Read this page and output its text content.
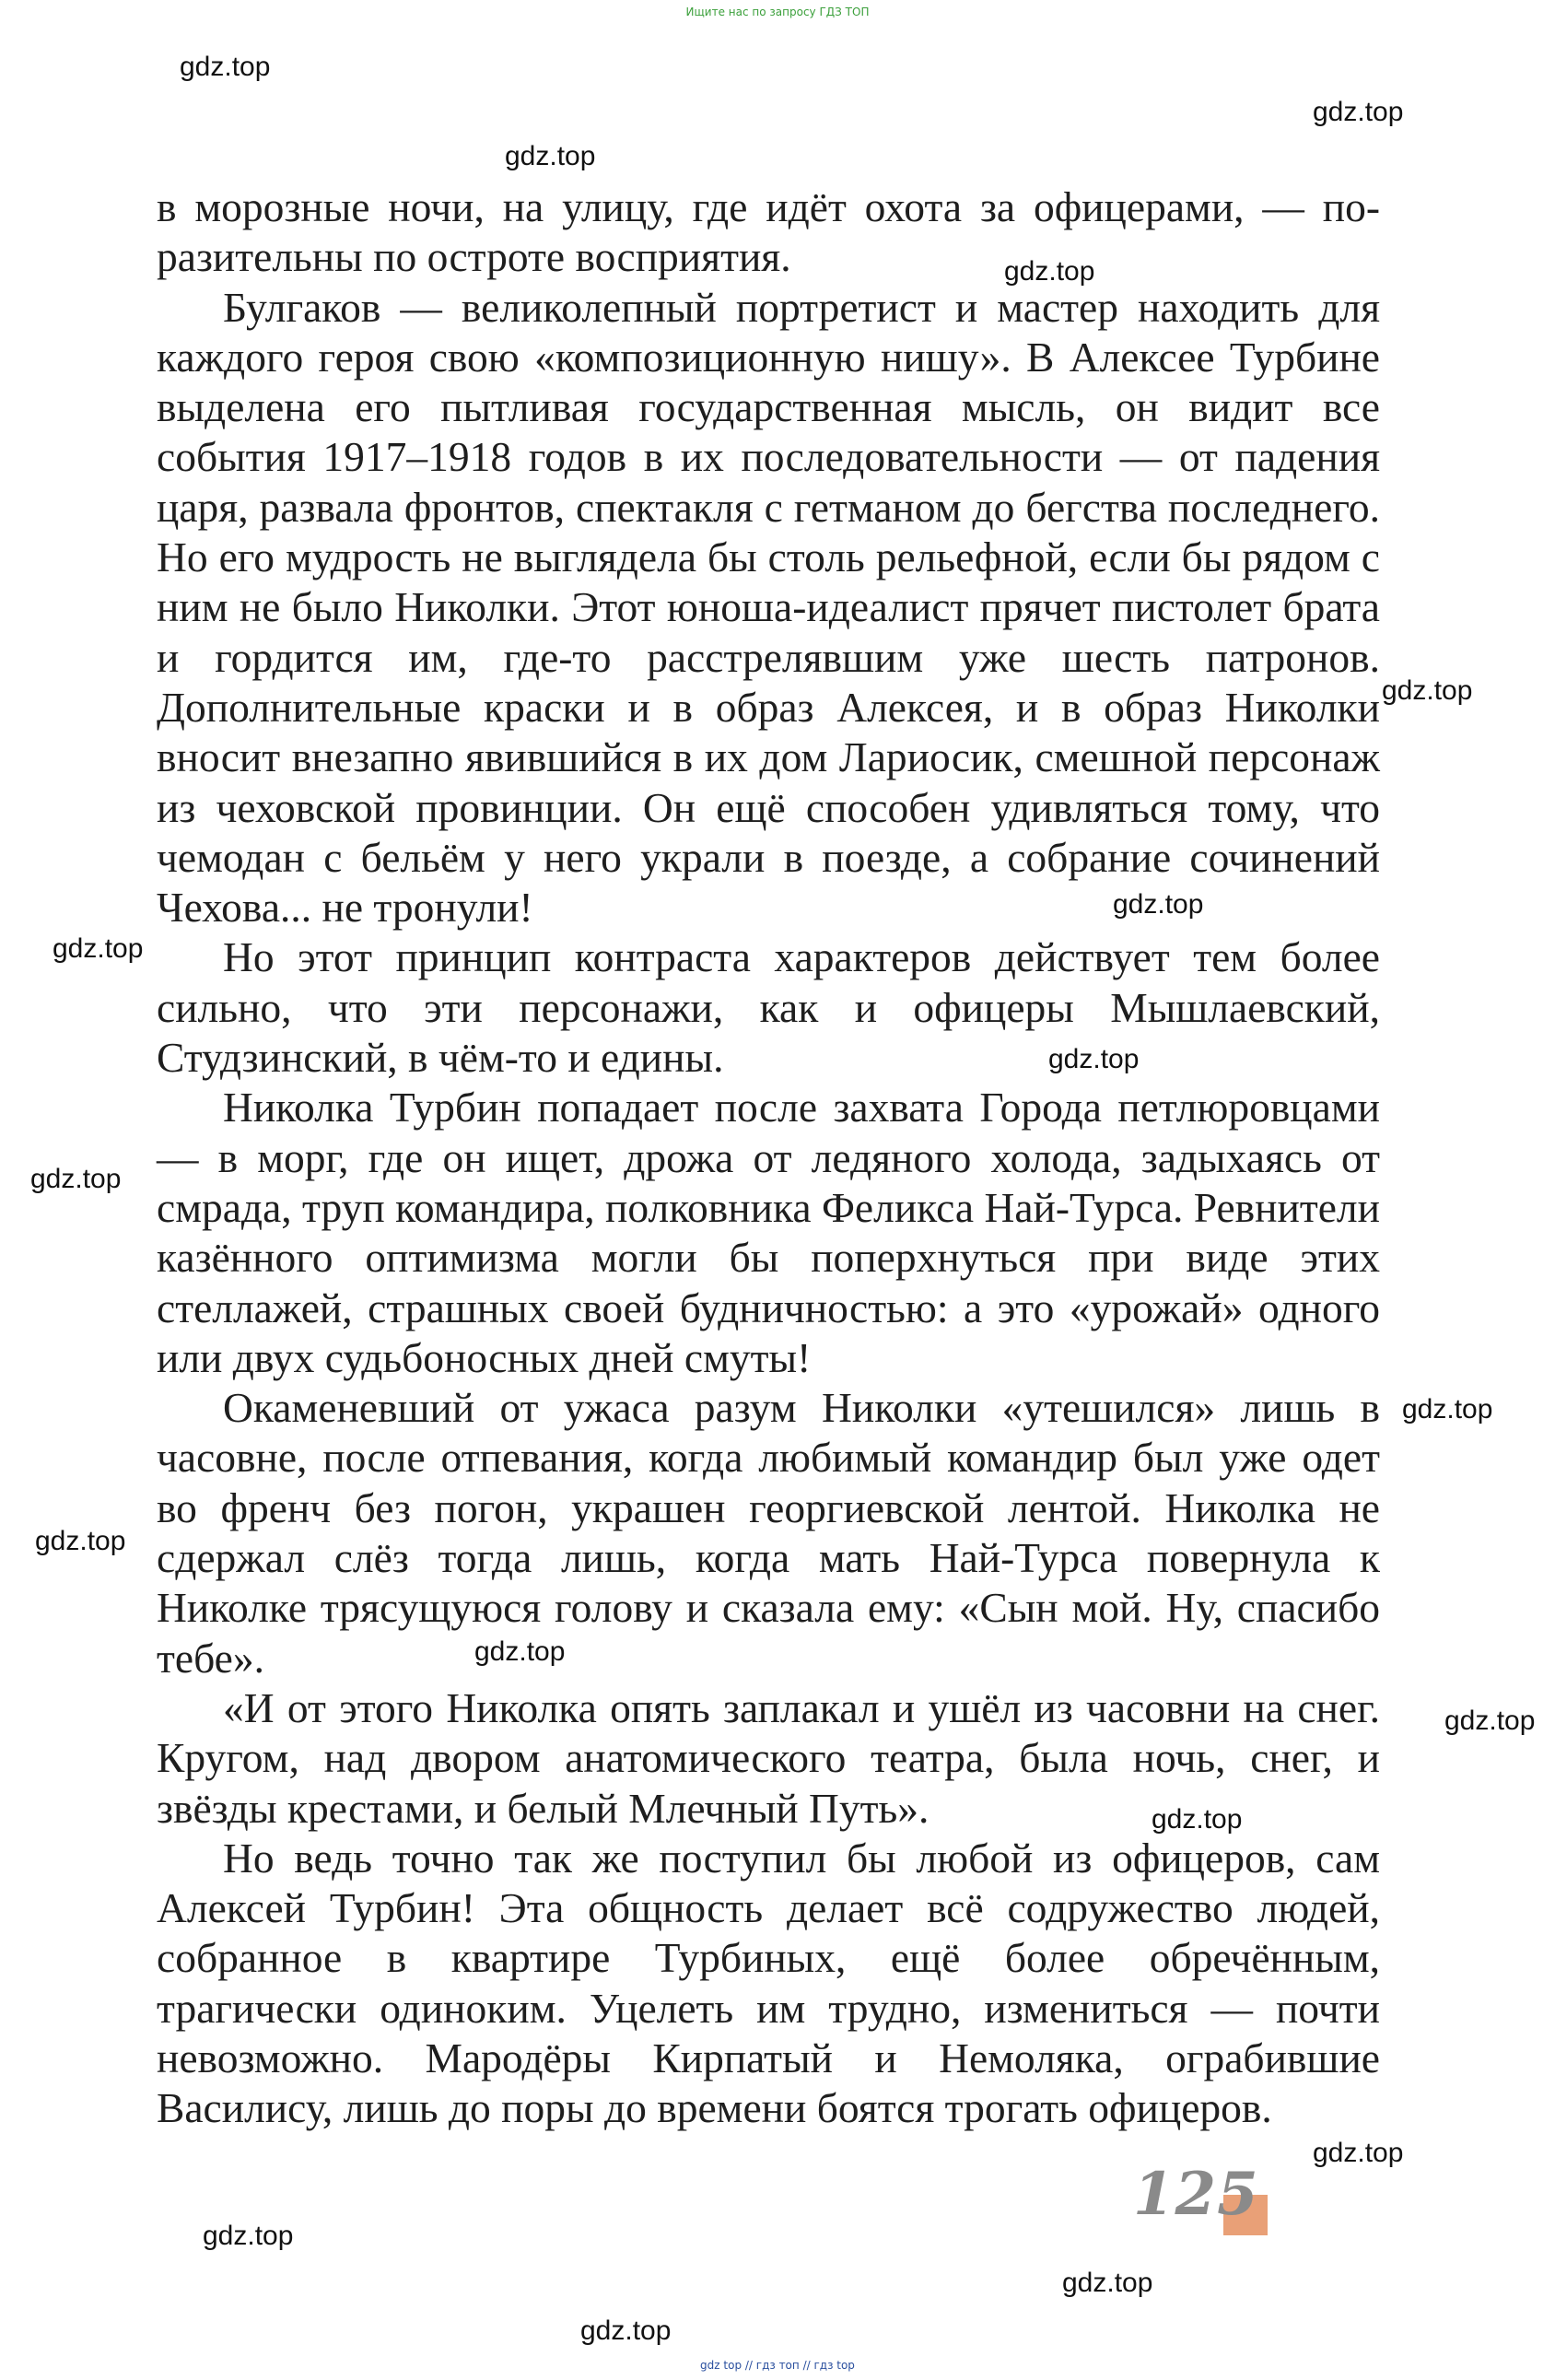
Ищите нас по запросу ГДЗ ТОП

в морозные ночи, на улицу, где идёт охота за офицерами, — поразительны по остроте восприятия.

Булгаков — великолепный портретист и мастер находить для каждого героя свою «композиционную нишу». В Алексее Турбине выделена его пытливая государственная мысль, он видит все события 1917–1918 годов в их последовательности — от падения царя, развала фронтов, спектакля с гетманом до бегства последнего. Но его мудрость не выглядела бы столь рельефной, если бы рядом с ним не было Николки. Этот юноша-идеалист прячет пистолет брата и гордится им, где-то расстрелявшим уже шесть патронов. Дополнительные краски и в образ Алексея, и в образ Николки вносит внезапно явившийся в их дом Лариосик, смешной персонаж из чеховской провинции. Он ещё способен удивляться тому, что чемодан с бельём у него украли в поезде, а собрание сочинений Чехова... не тронули!

Но этот принцип контраста характеров действует тем более сильно, что эти персонажи, как и офицеры Мышлаевский, Студзинский, в чём-то и едины.

Николка Турбин попадает после захвата Города петлюровцами — в морг, где он ищет, дрожа от ледяного холода, задыхаясь от смрада, труп командира, полковника Феликса Най-Турса. Ревнители казённого оптимизма могли бы поперхнуться при виде этих стеллажей, страшных своей будничностью: а это «урожай» одного или двух судьбоносных дней смуты!

Окаменевший от ужаса разум Николки «утешился» лишь в часовне, после отпевания, когда любимый командир был уже одет во френч без погон, украшен георгиевской лентой. Николка не сдержал слёз тогда лишь, когда мать Най-Турса повернула к Николке трясущуюся голову и сказала ему: «Сын мой. Ну, спасибо тебе».

«И от этого Николка опять заплакал и ушёл из часовни на снег. Кругом, над двором анатомического театра, была ночь, снег, и звёзды крестами, и белый Млечный Путь».

Но ведь точно так же поступил бы любой из офицеров, сам Алексей Турбин! Эта общность делает всё содружество людей, собранное в квартире Турбиных, ещё более обречённым, трагически одиноким. Уцелеть им трудно, измениться — почти невозможно. Мародёры Кирпатый и Немоляка, ограбившие Василису, лишь до поры до времени боятся трогать офицеров.

gdz.top
gdz.top
gdz.top
gdz.top
gdz.top
gdz.top
gdz.top
gdz.top
gdz.top
gdz.top
gdz.top
gdz.top
gdz.top
gdz.top
gdz.top
gdz.top
gdz.top
gdz.top
125
gdz top // гдз топ // гдз top
